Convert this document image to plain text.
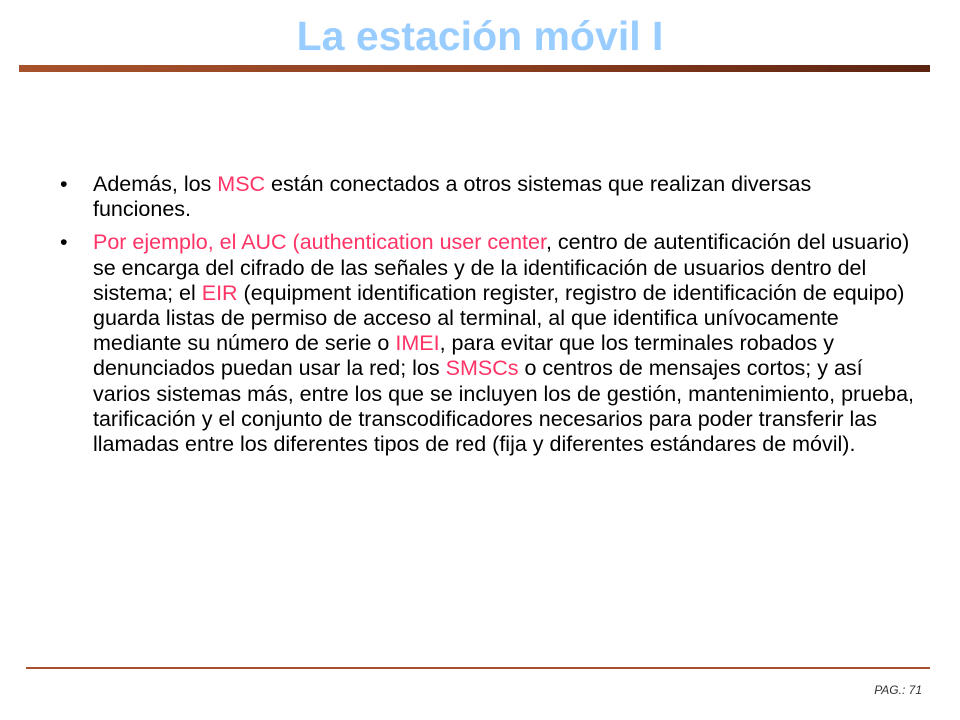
La estación móvil I
• Además, los MSC están conectados a otros sistemas que realizan diversas funciones.
• Por ejemplo, el AUC (authentication user center, centro de autentificación del usuario) se encarga del cifrado de las señales y de la identificación de usuarios dentro del sistema; el EIR (equipment identification register, registro de identificación de equipo) guarda listas de permiso de acceso al terminal, al que identifica unívocamente mediante su número de serie o IMEI, para evitar que los terminales robados y denunciados puedan usar la red; los SMSCs o centros de mensajes cortos; y así varios sistemas más, entre los que se incluyen los de gestión, mantenimiento, prueba, tarificación y el conjunto de transcodificadores necesarios para poder transferir las llamadas entre los diferentes tipos de red (fija y diferentes estándares de móvil).
PAG.: 71
